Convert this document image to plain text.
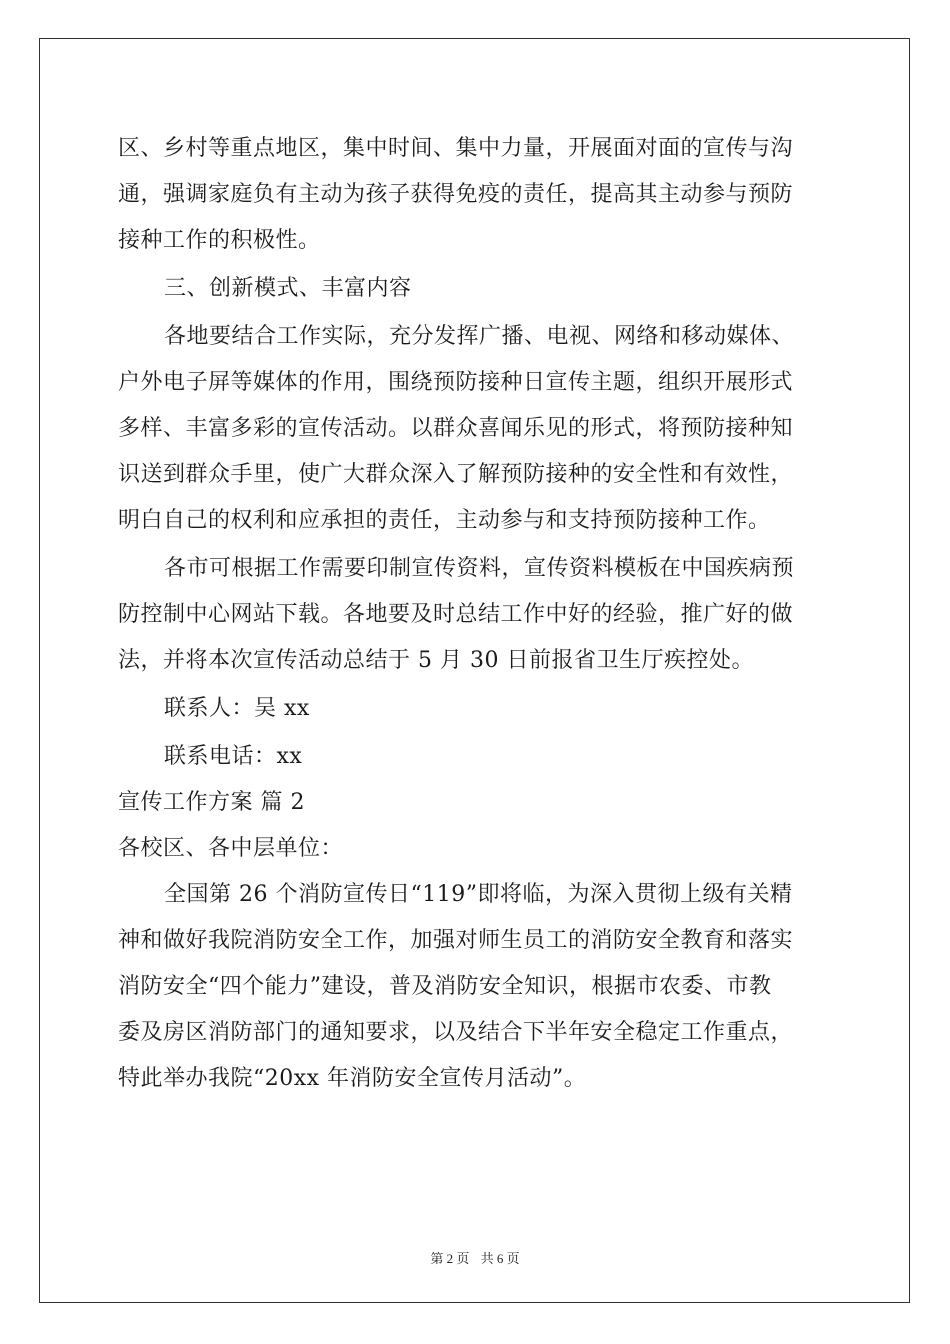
区、乡村等重点地区，集中时间、集中力量，开展面对面的宣传与沟
通，强调家庭负有主动为孩子获得免疫的责任，提高其主动参与预防
接种工作的积极性。
三、创新模式、丰富内容
各地要结合工作实际，充分发挥广播、电视、网络和移动媒体、
户外电子屏等媒体的作用，围绕预防接种日宣传主题，组织开展形式
多样、丰富多彩的宣传活动。以群众喜闻乐见的形式，将预防接种知
识送到群众手里，使广大群众深入了解预防接种的安全性和有效性，
明白自己的权利和应承担的责任，主动参与和支持预防接种工作。
各市可根据工作需要印制宣传资料，宣传资料模板在中国疾病预
防控制中心网站下载。各地要及时总结工作中好的经验，推广好的做
法，并将本次宣传活动总结于 5 月 30 日前报省卫生厅疾控处。
联系人：吴 xx
联系电话：xx
宣传工作方案 篇 2
各校区、各中层单位：
全国第 26 个消防宣传日“119”即将临，为深入贯彻上级有关精
神和做好我院消防安全工作，加强对师生员工的消防安全教育和落实
消防安全“四个能力”建设，普及消防安全知识，根据市农委、市教
委及房区消防部门的通知要求，以及结合下半年安全稳定工作重点，
特此举办我院“20xx 年消防安全宣传月活动”。
第 2 页 共 6 页
